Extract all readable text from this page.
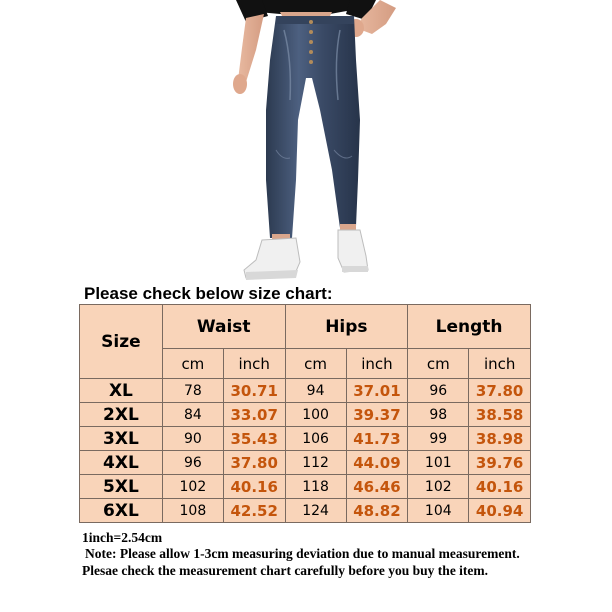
Please check below size chart:
Size	Waist		Hips		Length	
	cm	inch	cm	inch	cm	inch
XL	78	30.71	94	37.01	96	37.80
2XL	84	33.07	100	39.37	98	38.58
3XL	90	35.43	106	41.73	99	38.98
4XL	96	37.80	112	44.09	101	39.76
5XL	102	40.16	118	46.46	102	40.16
6XL	108	42.52	124	48.82	104	40.94
1inch=2.54cm
Note: Please allow 1-3cm measuring deviation due to manual measurement.
Plesae check the measurement chart carefully before you buy the item.
